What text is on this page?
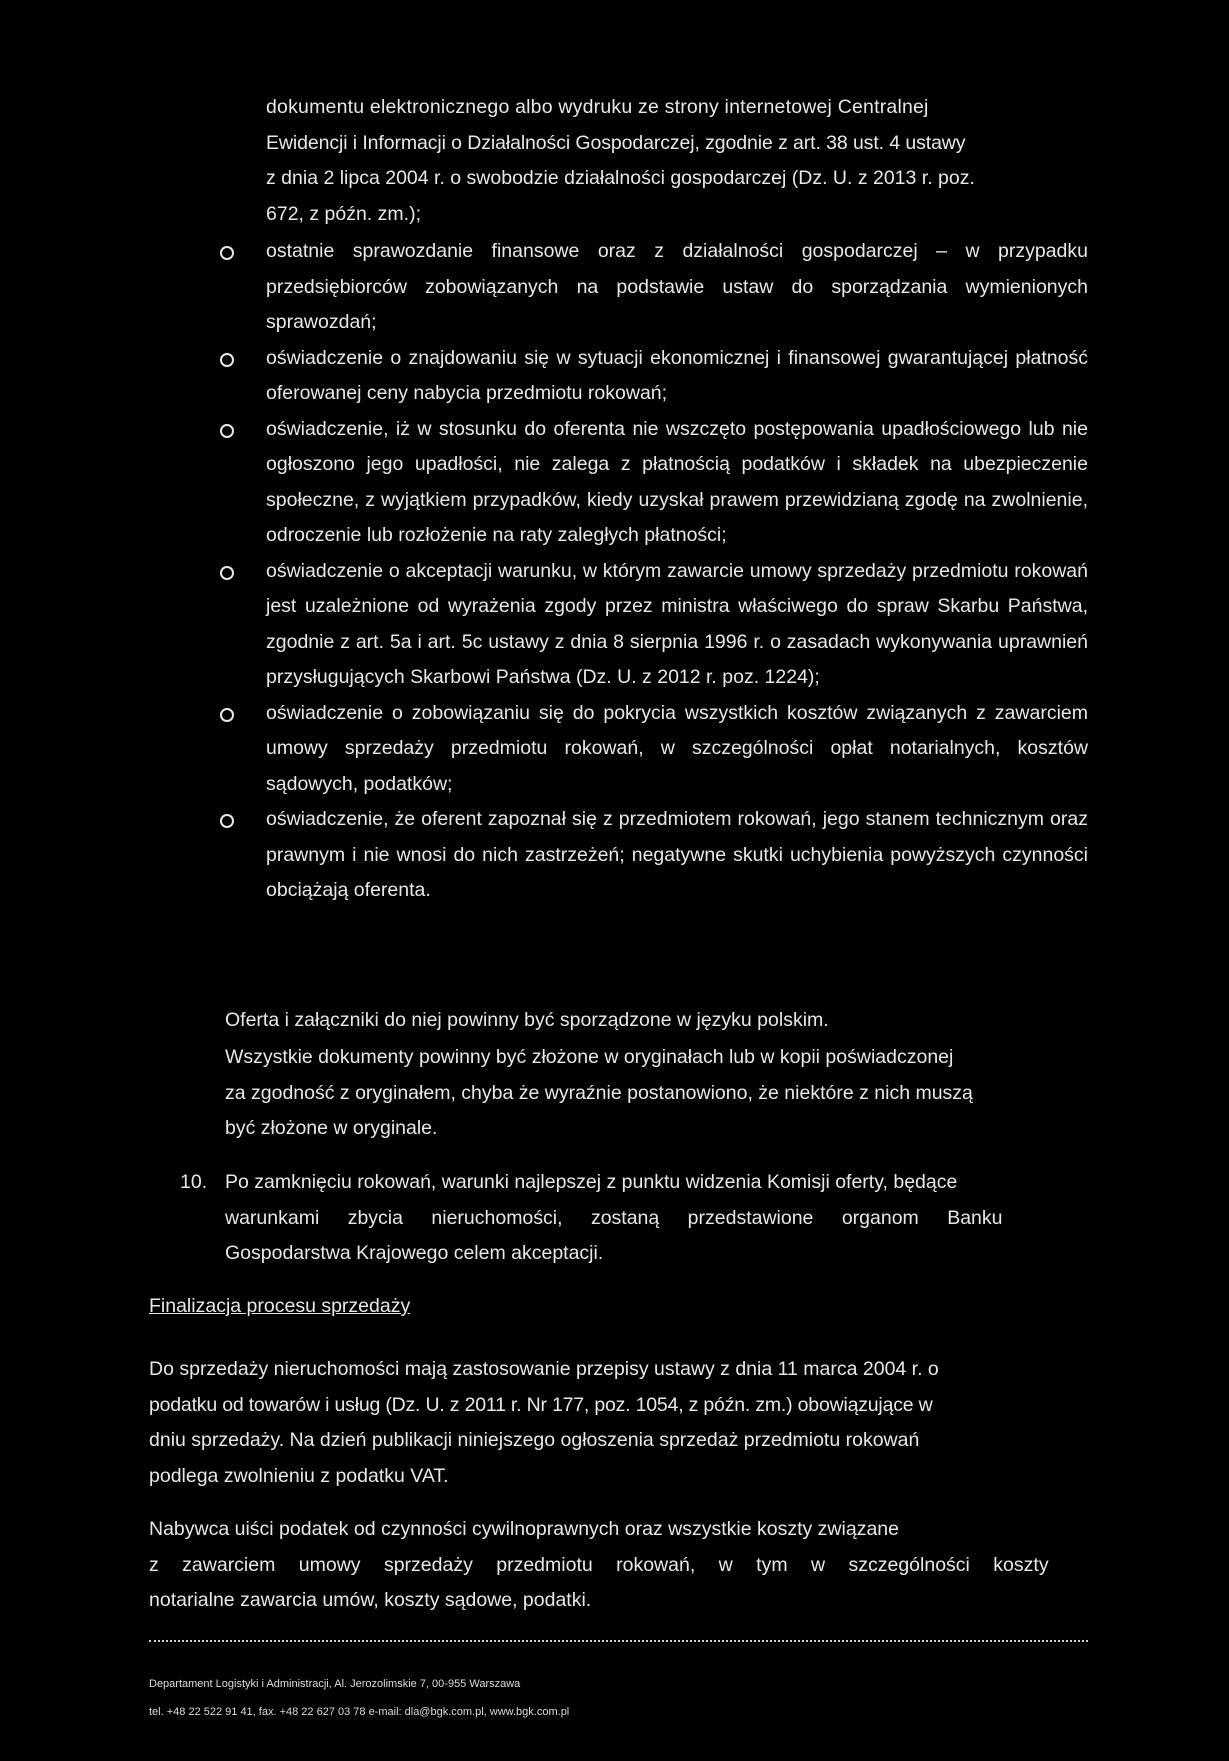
dokumentu elektronicznego albo wydruku ze strony internetowej Centralnej
Ewidencji i Informacji o Działalności Gospodarczej, zgodnie z art. 38 ust. 4 ustawy
z dnia 2 lipca 2004 r. o swobodzie działalności gospodarczej (Dz. U. z 2013 r. poz.
672, z późn. zm.);
ostatnie sprawozdanie finansowe oraz z działalności gospodarczej – w przypadku przedsiębiorców zobowiązanych na podstawie ustaw do sporządzania wymienionych sprawozdań;
oświadczenie o znajdowaniu się w sytuacji ekonomicznej i finansowej gwarantującej płatność oferowanej ceny nabycia przedmiotu rokowań;
oświadczenie, iż w stosunku do oferenta nie wszczęto postępowania upadłościowego lub nie ogłoszono jego upadłości, nie zalega z płatnością podatków i składek na ubezpieczenie społeczne, z wyjątkiem przypadków, kiedy uzyskał prawem przewidzianą zgodę na zwolnienie, odroczenie lub rozłożenie na raty zaległych płatności;
oświadczenie o akceptacji warunku, w którym zawarcie umowy sprzedaży przedmiotu rokowań jest uzależnione od wyrażenia zgody przez ministra właściwego do spraw Skarbu Państwa, zgodnie z art. 5a i art. 5c ustawy z dnia 8 sierpnia 1996 r. o zasadach wykonywania uprawnień przysługujących Skarbowi Państwa (Dz. U. z 2012 r. poz. 1224);
oświadczenie o zobowiązaniu się do pokrycia wszystkich kosztów związanych z zawarciem umowy sprzedaży przedmiotu rokowań, w szczególności opłat notarialnych, kosztów sądowych, podatków;
oświadczenie, że oferent zapoznał się z przedmiotem rokowań, jego stanem technicznym oraz prawnym i nie wnosi do nich zastrzeżeń; negatywne skutki uchybienia powyższych czynności obciążają oferenta.
Oferta i załączniki do niej powinny być sporządzone w języku polskim.
Wszystkie dokumenty powinny być złożone w oryginałach lub w kopii poświadczonej
za zgodność z oryginałem, chyba że wyraźnie postanowiono, że niektóre z nich muszą
być złożone w oryginale.
10. Po zamknięciu rokowań, warunki najlepszej z punktu widzenia Komisji oferty, będące
warunkami zbycia nieruchomości, zostaną przedstawione organom Banku
Gospodarstwa Krajowego celem akceptacji.
Finalizacja procesu sprzedaży
Do sprzedaży nieruchomości mają zastosowanie przepisy ustawy z dnia 11 marca 2004 r. o
podatku od towarów i usług (Dz. U. z 2011 r. Nr 177, poz. 1054, z późn. zm.) obowiązujące w
dniu sprzedaży. Na dzień publikacji niniejszego ogłoszenia sprzedaż przedmiotu rokowań
podlega zwolnieniu z podatku VAT.
Nabywca uiści podatek od czynności cywilnoprawnych oraz wszystkie koszty związane
z zawarciem umowy sprzedaży przedmiotu rokowań, w tym w szczególności koszty
notarialne zawarcia umów, koszty sądowe, podatki.
Departament Logistyki i Administracji, Al. Jerozolimskie 7, 00-955 Warszawa
tel. +48 22 522 91 41, fax. +48 22 627 03 78 e-mail: dla@bgk.com.pl, www.bgk.com.pl
